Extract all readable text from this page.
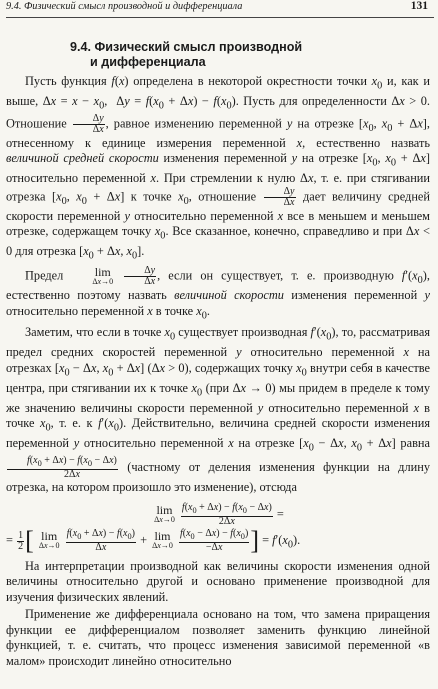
9.4. Физический смысл производной и дифференциала	131
9.4. Физический смысл производной
и дифференциала

Пусть функция f(x) определена в некоторой окрестности точки $x_0$ и, как и выше, $\Delta x = x - x_0$,  $\Delta y = f(x_0 + \Delta x) - f(x_0)$. Пусть для определенности Δx > 0. Отношение $\frac{\Delta y}{\Delta x}$ , равное изменению переменной y на отрезке [$x_0$, $x_0 + \Delta x$], отнесенному к единице измерения переменной x, естественно назвать величиной средней скорости изменения переменной y на отрезке [$x_0$, $x_0 + \Delta x$] относительно переменной x. При стремлении к нулю Δx, т. е. при стягивании отрезка [$x_0$, $x_0 + \Delta x$] к точке $x_0$, отношение $\frac{\Delta y}{\Delta x}$ дает величину средней скорости переменной y относительно переменной x все в меньшем и меньшем отрезке, содержащем точку $x_0$. Все сказанное, конечно, справедливо и при Δx < 0 для отрезка [$x_0 + \Delta x$, $x_0$].

Предел	lim
Δx→0
$\frac{\Delta y}{\Delta x}$ , если он существует, т. е. производную $f'(x_0)$, естественно поэтому назвать величиной скорости изменения переменной y относительно переменной x в точке $x_0$.

Заметим, что если в точке $x_0$ существует производная $f'(x_0)$, то, рассматривая предел средних скоростей переменной y относительно переменной x на отрезках [$x_0 - \Delta x$, $x_0 + \Delta x$] (Δx > 0), содержащих точку $x_0$ внутри себя в качестве центра, при стягивании их к точке $x_0$ (при Δx → 0) мы придем в пределе к тому же значению величины скорости переменной y относительно переменной x в точке $x_0$, т. е. к $f'(x_0)$. Действительно, величина средней скорости изменения переменной y относительно переменной x на отрезке [$x_0 - \Delta x$, $x_0 + \Delta x$] равна
$\frac{f(x_0 + \Delta x) - f(x_0 - \Delta x)}{2\Delta x}$ (частному от деления изменения функции на длину отрезка, на котором произошло это изменение), отсюда

lim
Δx→0
$\frac{f(x_0 + \Delta x) - f(x_0 - \Delta x)}{2\Delta x}$ =
= $\frac{1}{2}$ [ lim
Δx→0
$\frac{f(x_0 + \Delta x) - f(x_0)}{\Delta x} + \lim$
Δx→0
$\frac{f(x_0 - \Delta x) - f(x_0)}{-\Delta x}$ ] = $f'(x_0)$.

На интерпретации производной как величины скорости изменения одной величины относительно другой и основано применение производной для изучения физических явлений.

Применение же дифференциала основано на том, что замена приращения функции ее дифференциалом позволяет заменить функцию линейной функцией, т. е. считать, что процесс изменения зависимой переменной «в малом» происходит линейно относительно
